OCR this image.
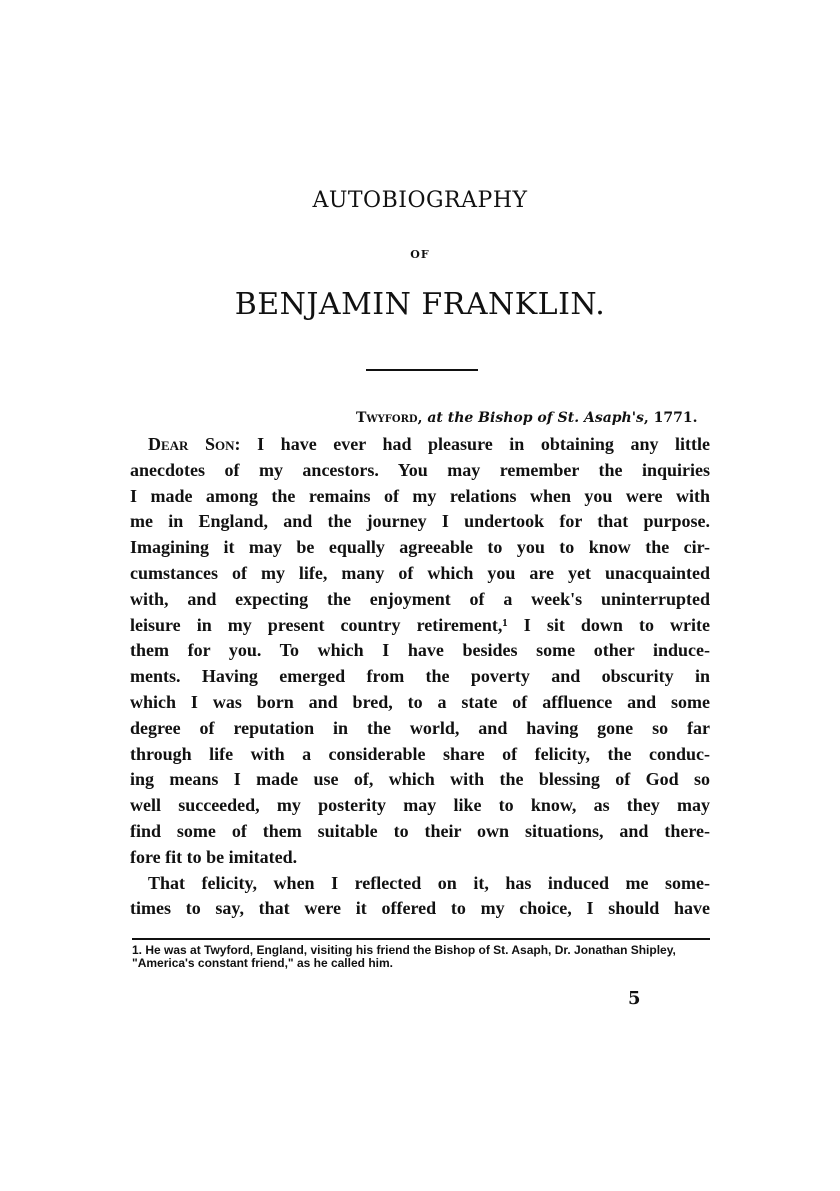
AUTOBIOGRAPHY
OF
BENJAMIN FRANKLIN.
Twyford, at the Bishop of St. Asaph's, 1771.
Dear Son: I have ever had pleasure in obtaining any little
anecdotes of my ancestors. You may remember the inquiries
I made among the remains of my relations when you were with
me in England, and the journey I undertook for that purpose.
Imagining it may be equally agreeable to you to know the cir-
cumstances of my life, many of which you are yet unacquainted
with, and expecting the enjoyment of a week's uninterrupted
leisure in my present country retirement,¹ I sit down to write
them for you. To which I have besides some other induce-
ments. Having emerged from the poverty and obscurity in
which I was born and bred, to a state of affluence and some
degree of reputation in the world, and having gone so far
through life with a considerable share of felicity, the conduc-
ing means I made use of, which with the blessing of God so
well succeeded, my posterity may like to know, as they may
find some of them suitable to their own situations, and there-
fore fit to be imitated.
That felicity, when I reflected on it, has induced me some-
times to say, that were it offered to my choice, I should have
1. He was at Twyford, England, visiting his friend the Bishop of St. Asaph, Dr. Jonathan Shipley, "America's constant friend," as he called him.
5
